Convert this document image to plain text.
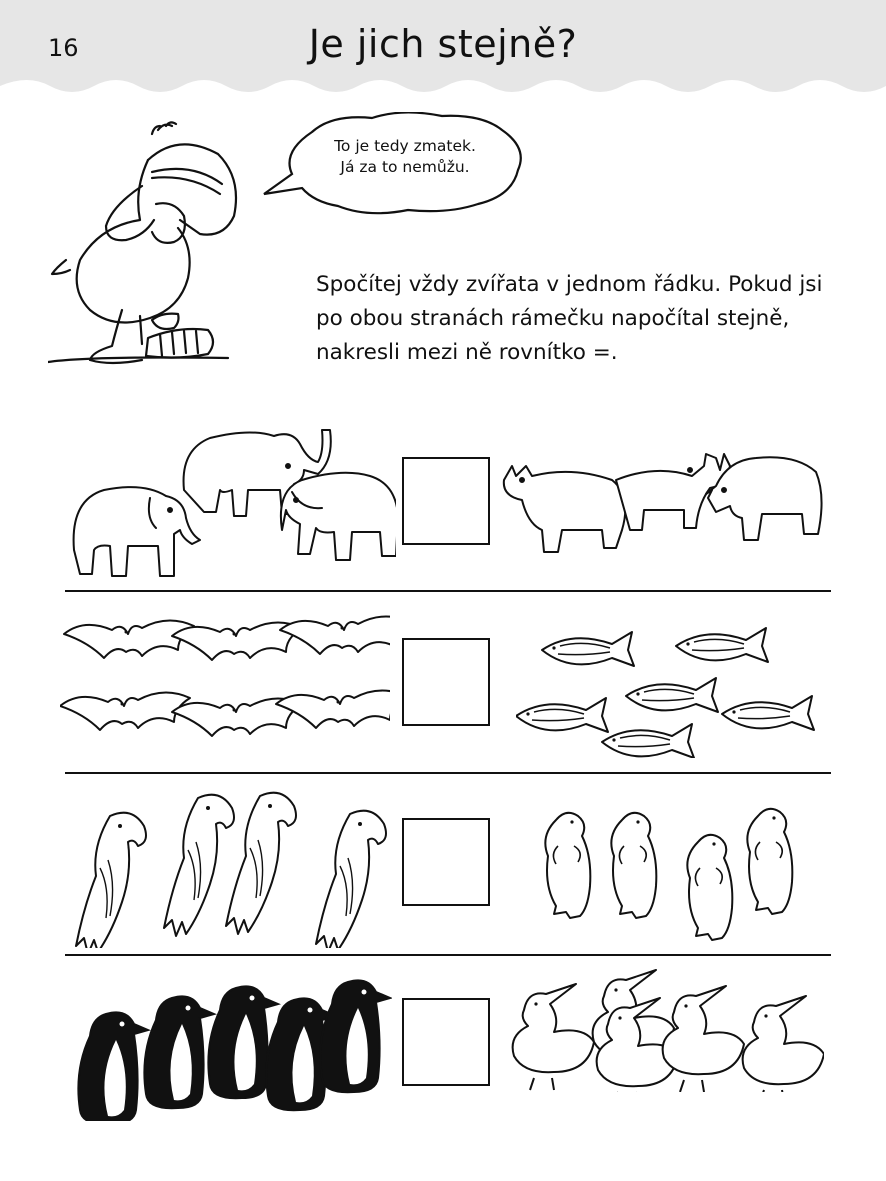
16	Je jich stejně?
To je tedy zmatek.
Já za to nemůžu.
Spočítej vždy zvířata v jednom řádku. Pokud jsi po obou stranách rámečku napočítal stejně, nakresli mezi ně rovnítko =.
